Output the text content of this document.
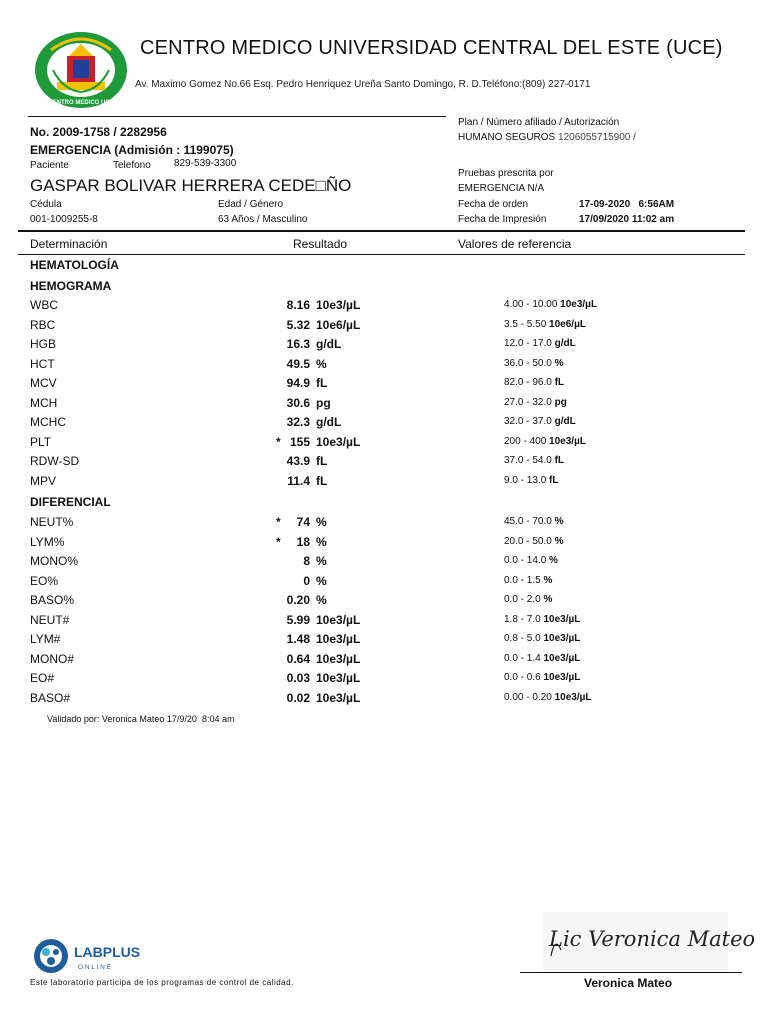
CENTRO MEDICO UCE
CENTRO MEDICO UNIVERSIDAD CENTRAL DEL ESTE (UCE)
Av. Maximo Gomez No.66 Esq. Pedro Henriquez Ureña Santo Domingo, R. D.Teléfono:(809) 227-0171
No. 2009-1758 / 2282956
EMERGENCIA (Admisión : 1199075)
Paciente	Telefono 829-539-3300
GASPAR BOLIVAR HERRERA CEDE□ÑO
Cédula
001-1009255-8
Edad / Género
63 Años / Masculino
Plan / Número afiliado / Autorización
HUMANO SEGUROS 1206055715900 /
Pruebas prescrita por
EMERGENCIA N/A
Fecha de orden	17-09-2020   6:56AM
Fecha de Impresión	17/09/2020 11:02 am
Determinación	Resultado	Valores de referencia
HEMATOLOGÍA
HEMOGRAMA
WBC	8.16 10e3/µL	4.00 - 10.00 10e3/µL
RBC	5.32 10e6/µL	3.5 - 5.50 10e6/µL
HGB	16.3 g/dL	12.0 - 17.0 g/dL
HCT	49.5 %	36.0 - 50.0 %
MCV	94.9 fL	82.0 - 96.0 fL
MCH	30.6 pg	27.0 - 32.0 pg
MCHC	32.3 g/dL	32.0 - 37.0 g/dL
PLT	* 155 10e3/µL	200 - 400 10e3/µL
RDW-SD	43.9 fL	37.0 - 54.0 fL
MPV	11.4 fL	9.0 - 13.0 fL
DIFERENCIAL
NEUT%	* 74 %	45.0 - 70.0 %
LYM%	* 18 %	20.0 - 50.0 %
MONO%	8 %	0.0 - 14.0 %
EO%	0 %	0.0 - 1.5 %
BASO%	0.20 %	0.0 - 2.0 %
NEUT#	5.99 10e3/µL	1.8 - 7.0 10e3/µL
LYM#	1.48 10e3/µL	0.8 - 5.0 10e3/µL
MONO#	0.64 10e3/µL	0.0 - 1.4 10e3/µL
EO#	0.03 10e3/µL	0.0 - 0.6 10e3/µL
BASO#	0.02 10e3/µL	0.00 - 0.20 10e3/µL
Validado por: Veronica Mateo 17/9/20  8:04 am
LABPLUS
O N L I N E
Este laboratorio participa de los programas de control de calidad.
Lic Veronica Mateo
Veronica Mateo
